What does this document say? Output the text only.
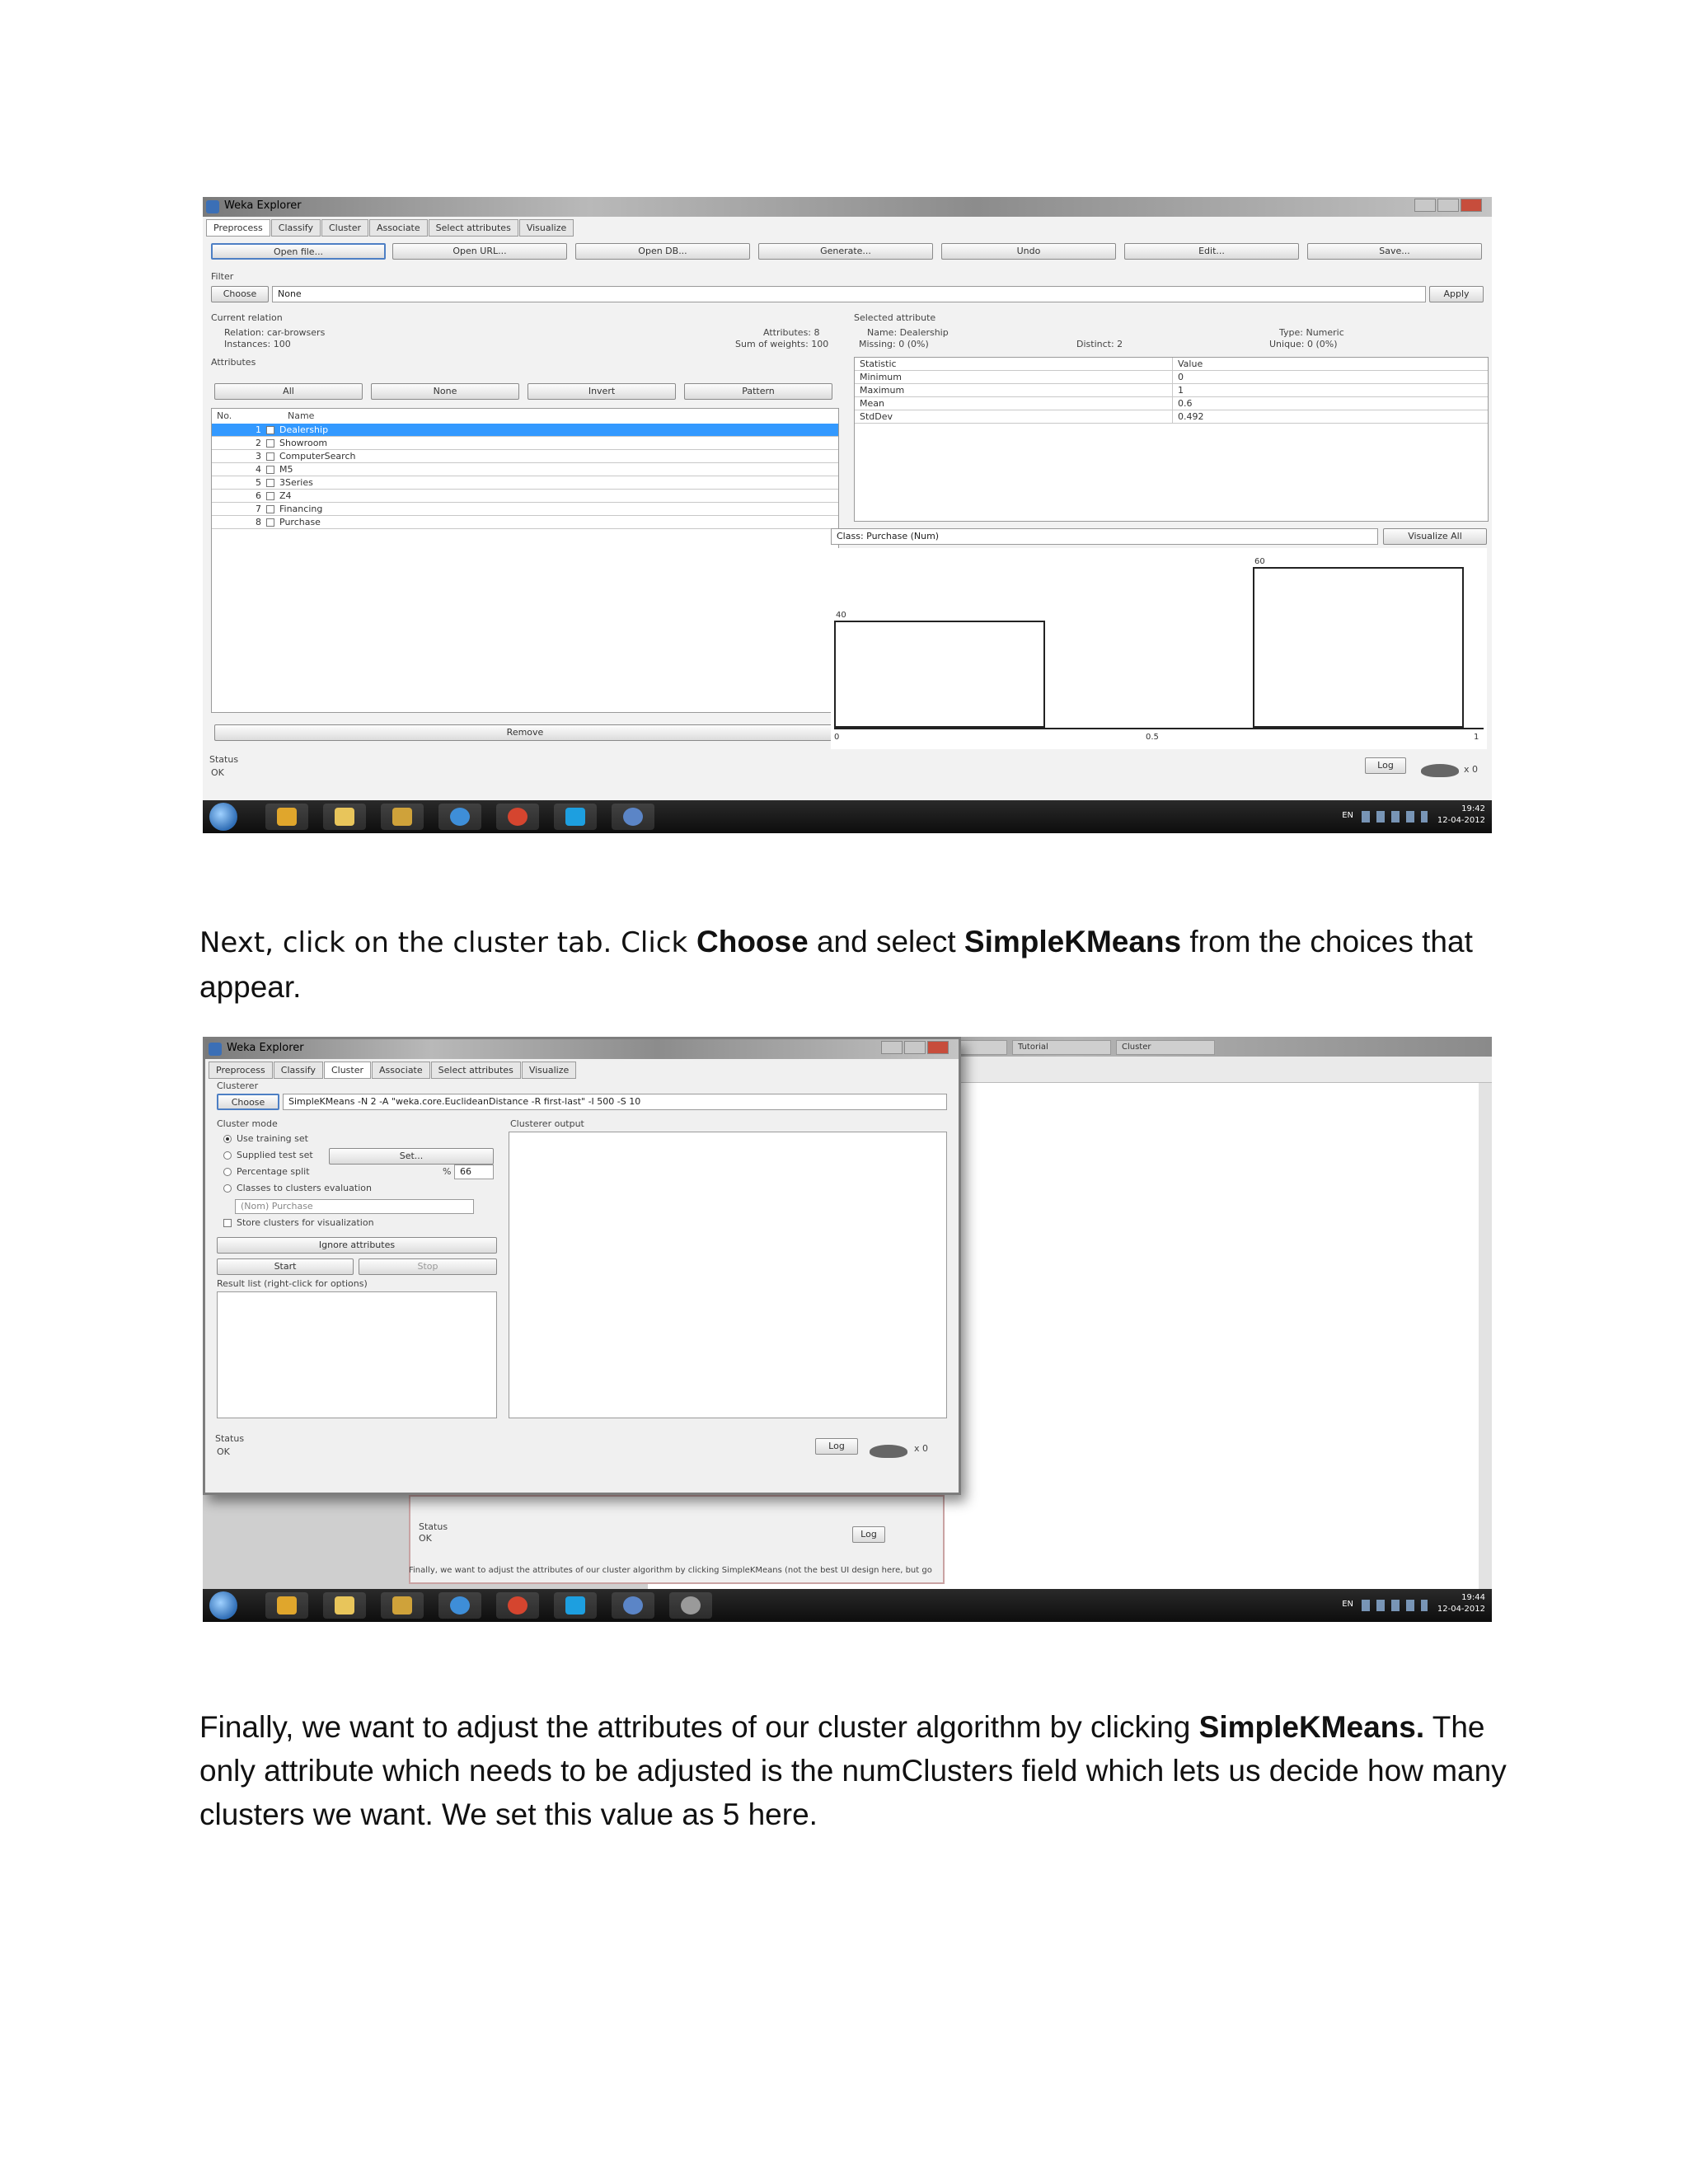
Weka Explorer
Preprocess Classify Cluster Associate Select attributes Visualize
Open file...	Open URL...	Open DB...	Generate...	Undo	Edit...	Save...
Filter
Choose	None	Apply
Current relation
Relation: car-browsers
Instances: 100
Attributes: 8
Sum of weights: 100
Attributes
All	None	Invert	Pattern
No.	Name
1 Dealership
2 Showroom
3 ComputerSearch
4 M5
5 3Series
6 Z4
7 Financing
8 Purchase
Remove
Selected attribute
Name: Dealership
Missing: 0 (0%)	Distinct: 2
Type: Numeric
Unique: 0 (0%)
Statistic	Value
Minimum	0
Maximum	1
Mean	0.6
StdDev	0.492
Class: Purchase (Num)	Visualize All
40
60
0	0.5	1
Status
OK
Log	x 0
EN
19:42
12-04-2012
Next, click on the cluster tab. Click Choose and select SimpleKMeans from the choices that appear.
Tutorial	Cluster
Status
OK	Log
Finally, we want to adjust the attributes of our cluster algorithm by clicking SimpleKMeans (not the best UI design here, but go
Weka Explorer
Preprocess Classify Cluster Associate Select attributes Visualize
Clusterer
Choose	SimpleKMeans -N 2 -A "weka.core.EuclideanDistance -R first-last" -I 500 -S 10
Cluster mode
Use training set
Supplied test set	Set...
Percentage split	% 66
Classes to clusters evaluation
(Nom) Purchase
Store clusters for visualization
Ignore attributes
Start	Stop
Result list (right-click for options)
Clusterer output
Status
OK
Log	x 0
EN
19:44
12-04-2012
Finally, we want to adjust the attributes of our cluster algorithm by clicking SimpleKMeans. The only attribute which needs to be adjusted is the numClusters field which lets us decide how many clusters we want. We set this value as 5 here.
